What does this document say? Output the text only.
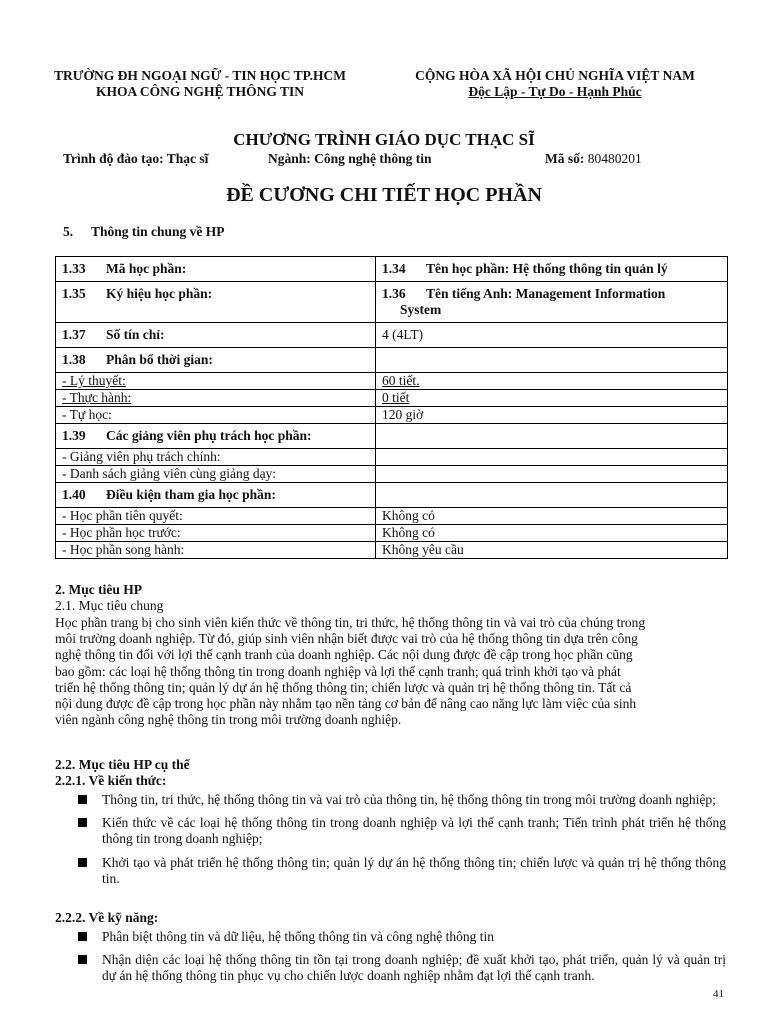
TRƯỜNG ĐH NGOẠI NGỮ - TIN HỌC TP.HCM
KHOA CÔNG NGHỆ THÔNG TIN
CỘNG HÒA XÃ HỘI CHỦ NGHĨA VIỆT NAM
Độc Lập - Tự Do - Hạnh Phúc
CHƯƠNG TRÌNH GIÁO DỤC THẠC SĨ
Trình độ đào tạo: Thạc sĩ	Ngành: Công nghệ thông tin	Mã số: 80480201
ĐỀ CƯƠNG CHI TIẾT HỌC PHẦN
5. Thông tin chung về HP
1.33 Mã học phần:	1.34 Tên học phần: Hệ thống thông tin quản lý
1.35 Ký hiệu học phần:	1.36 Tên tiếng Anh: Management Information
System
1.37 Số tín chỉ:	4 (4LT)
1.38 Phân bổ thời gian:	
- Lý thuyết:	60 tiết.
- Thực hành:	0 tiết
- Tự học:	120 giờ
1.39 Các giảng viên phụ trách học phần:	
- Giảng viên phụ trách chính:	
- Danh sách giảng viên cùng giảng dạy:	
1.40 Điều kiện tham gia học phần:	
- Học phần tiên quyết:	Không có
- Học phần học trước:	Không có
- Học phần song hành:	Không yêu cầu
2. Mục tiêu HP
2.1. Mục tiêu chung
Học phần trang bị cho sinh viên kiến thức về thông tin, tri thức, hệ thống thông tin và vai trò của chúng trong
môi trường doanh nghiệp. Từ đó, giúp sinh viên nhận biết được vai trò của hệ thống thông tin dựa trên công
nghệ thông tin đối với lợi thế cạnh tranh của doanh nghiệp. Các nội dung được đề cập trong học phần cũng
bao gồm: các loại hệ thống thông tin trong doanh nghiệp và lợi thế cạnh tranh; quá trình khởi tạo và phát
triển hệ thống thông tin; quản lý dự án hệ thống thông tin; chiến lược và quản trị hệ thống thông tin. Tất cả
nội dung được đề cập trong học phần này nhằm tạo nền tảng cơ bản để nâng cao năng lực làm việc của sinh
viên ngành công nghệ thông tin trong môi trường doanh nghiệp.
2.2. Mục tiêu HP cụ thể
2.2.1. Về kiến thức:
Thông tin, tri thức, hệ thống thông tin và vai trò của thông tin, hệ thống thông tin trong môi trường doanh nghiệp;
Kiến thức về các loại hệ thống thông tin trong doanh nghiệp và lợi thế cạnh tranh; Tiến trình phát triển hệ thống thông tin trong doanh nghiệp;
Khởi tạo và phát triển hệ thống thông tin; quản lý dự án hệ thống thông tin; chiến lược và quản trị hệ thống thông tin.
2.2.2. Về kỹ năng:
Phân biệt thông tin và dữ liệu, hệ thống thông tin và công nghệ thông tin
Nhận diện các loại hệ thống thông tin tồn tại trong doanh nghiệp; đề xuất khởi tạo, phát triển, quản lý và quản trị dự án hệ thống thông tin phục vụ cho chiến lược doanh nghiệp nhằm đạt lợi thế cạnh tranh.
41
